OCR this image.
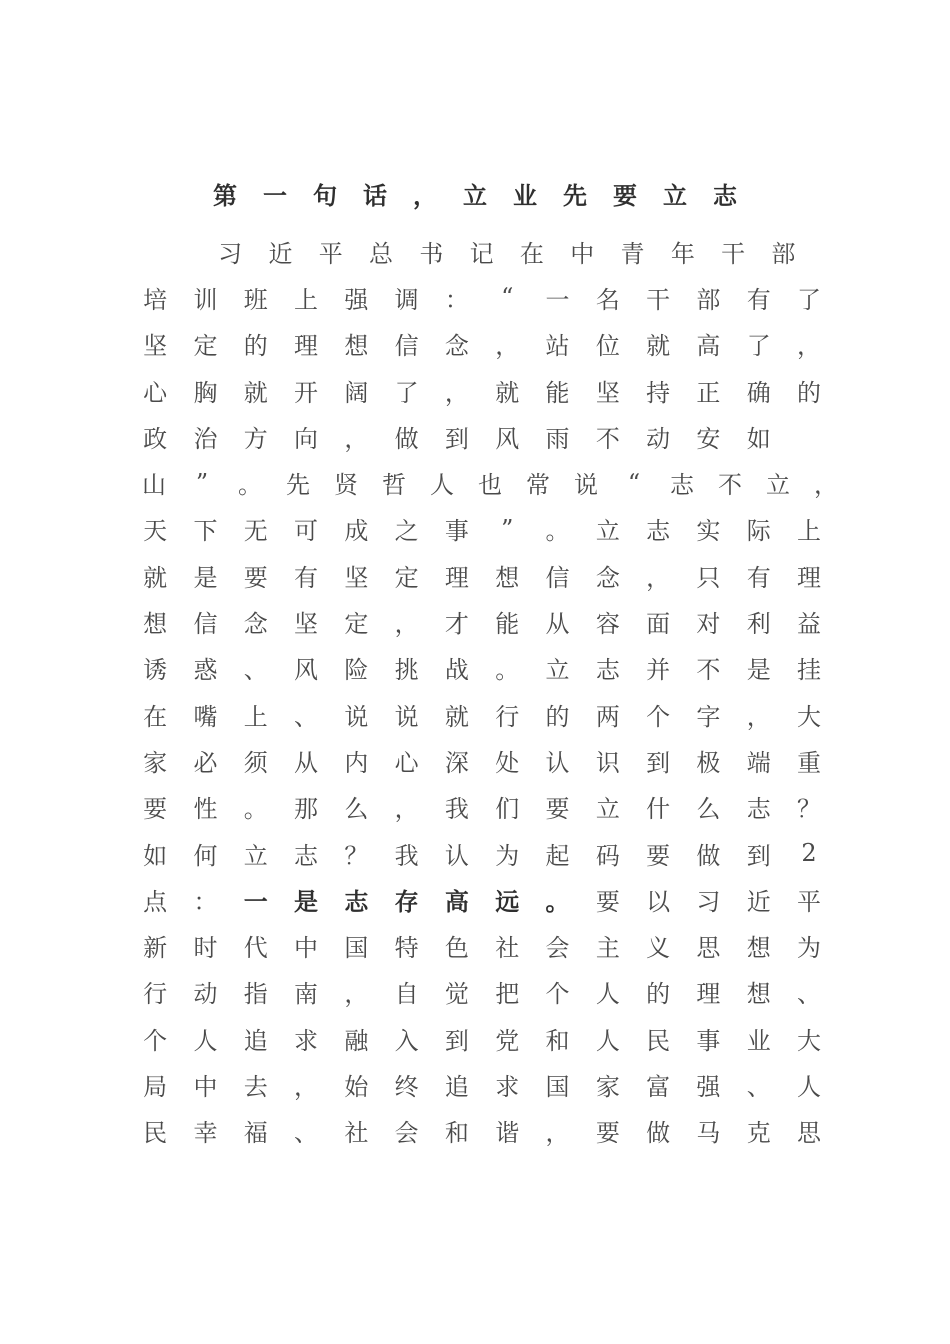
第	一	句	话	，	立	业	先	要	立	志
习	近	平	总	书	记	在	中	青	年	干	部
培	训	班	上	强	调	：	“	一	名	干	部	有	了
坚	定	的	理	想	信	念	，	站	位	就	高	了	，
心	胸	就	开	阔	了	，	就	能	坚	持	正	确	的
政	治	方	向	，	做	到	风	雨	不	动	安	如
山	”	。	先	贤	哲	人	也	常	说	“	志	不	立	，
天	下	无	可	成	之	事	”	。	立	志	实	际	上
就	是	要	有	坚	定	理	想	信	念	，	只	有	理
想	信	念	坚	定	，	才	能	从	容	面	对	利	益
诱	惑	、	风	险	挑	战	。	立	志	并	不	是	挂
在	嘴	上	、	说	说	就	行	的	两	个	字	，	大
家	必	须	从	内	心	深	处	认	识	到	极	端	重
要	性	。	那	么	，	我	们	要	立	什	么	志	？
如	何	立	志	？	我	认	为	起	码	要	做	到	2
点	：	一	是	志	存	高	远	。	要	以	习	近	平
新	时	代	中	国	特	色	社	会	主	义	思	想	为
行	动	指	南	，	自	觉	把	个	人	的	理	想	、
个	人	追	求	融	入	到	党	和	人	民	事	业	大
局	中	去	，	始	终	追	求	国	家	富	强	、	人
民	幸	福	、	社	会	和	谐	，	要	做	马	克	思
